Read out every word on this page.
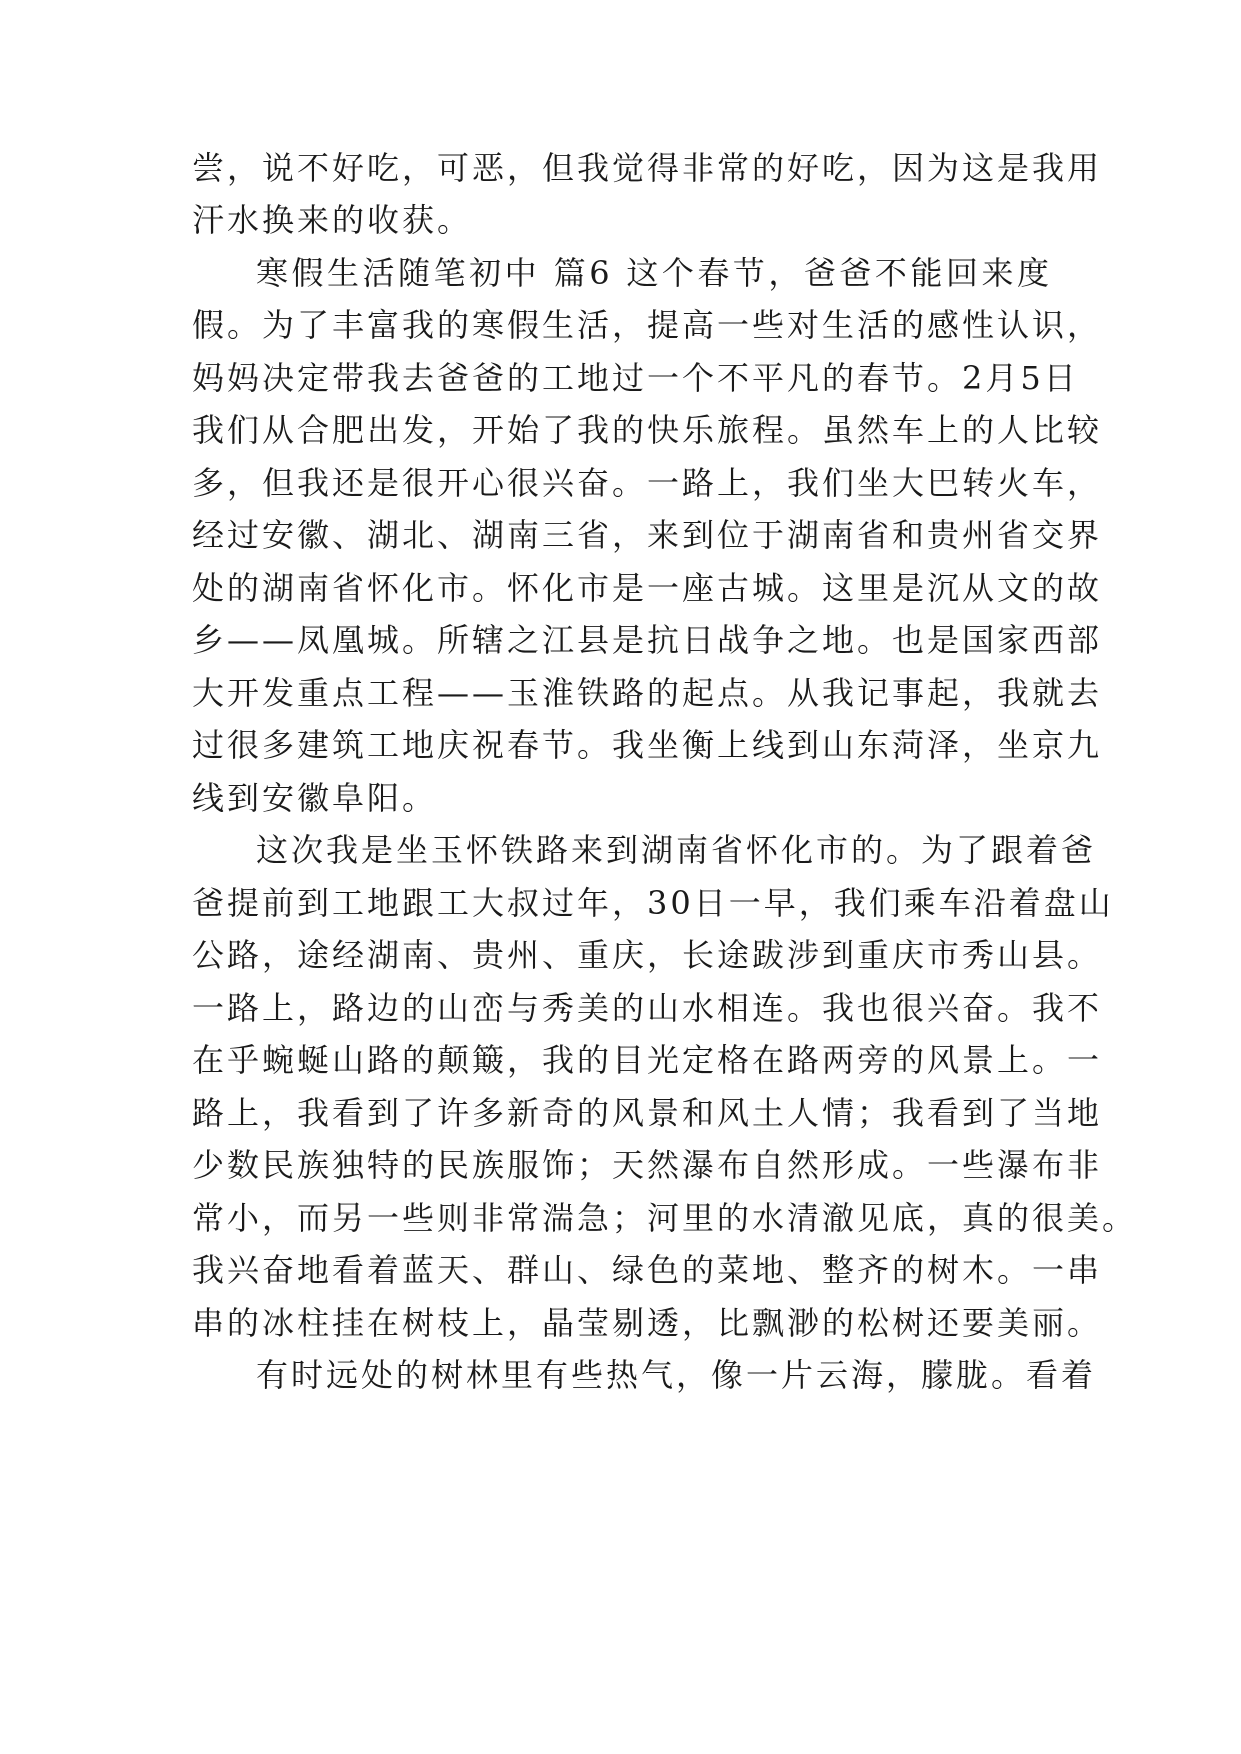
尝，说不好吃，可恶，但我觉得非常的好吃，因为这是我用
汗水换来的收获。
寒假生活随笔初中 篇6 这个春节，爸爸不能回来度
假。为了丰富我的寒假生活，提高一些对生活的感性认识，
妈妈决定带我去爸爸的工地过一个不平凡的春节。2月5日
我们从合肥出发，开始了我的快乐旅程。虽然车上的人比较
多，但我还是很开心很兴奋。一路上，我们坐大巴转火车，
经过安徽、湖北、湖南三省，来到位于湖南省和贵州省交界
处的湖南省怀化市。怀化市是一座古城。这里是沉从文的故
乡——凤凰城。所辖之江县是抗日战争之地。也是国家西部
大开发重点工程——玉淮铁路的起点。从我记事起，我就去
过很多建筑工地庆祝春节。我坐衡上线到山东菏泽，坐京九
线到安徽阜阳。
这次我是坐玉怀铁路来到湖南省怀化市的。为了跟着爸
爸提前到工地跟工大叔过年，30日一早，我们乘车沿着盘山
公路，途经湖南、贵州、重庆，长途跋涉到重庆市秀山县。
一路上，路边的山峦与秀美的山水相连。我也很兴奋。我不
在乎蜿蜒山路的颠簸，我的目光定格在路两旁的风景上。一
路上，我看到了许多新奇的风景和风土人情；我看到了当地
少数民族独特的民族服饰；天然瀑布自然形成。一些瀑布非
常小，而另一些则非常湍急；河里的水清澈见底，真的很美。
我兴奋地看着蓝天、群山、绿色的菜地、整齐的树木。一串
串的冰柱挂在树枝上，晶莹剔透，比飘渺的松树还要美丽。
有时远处的树林里有些热气，像一片云海，朦胧。看着
